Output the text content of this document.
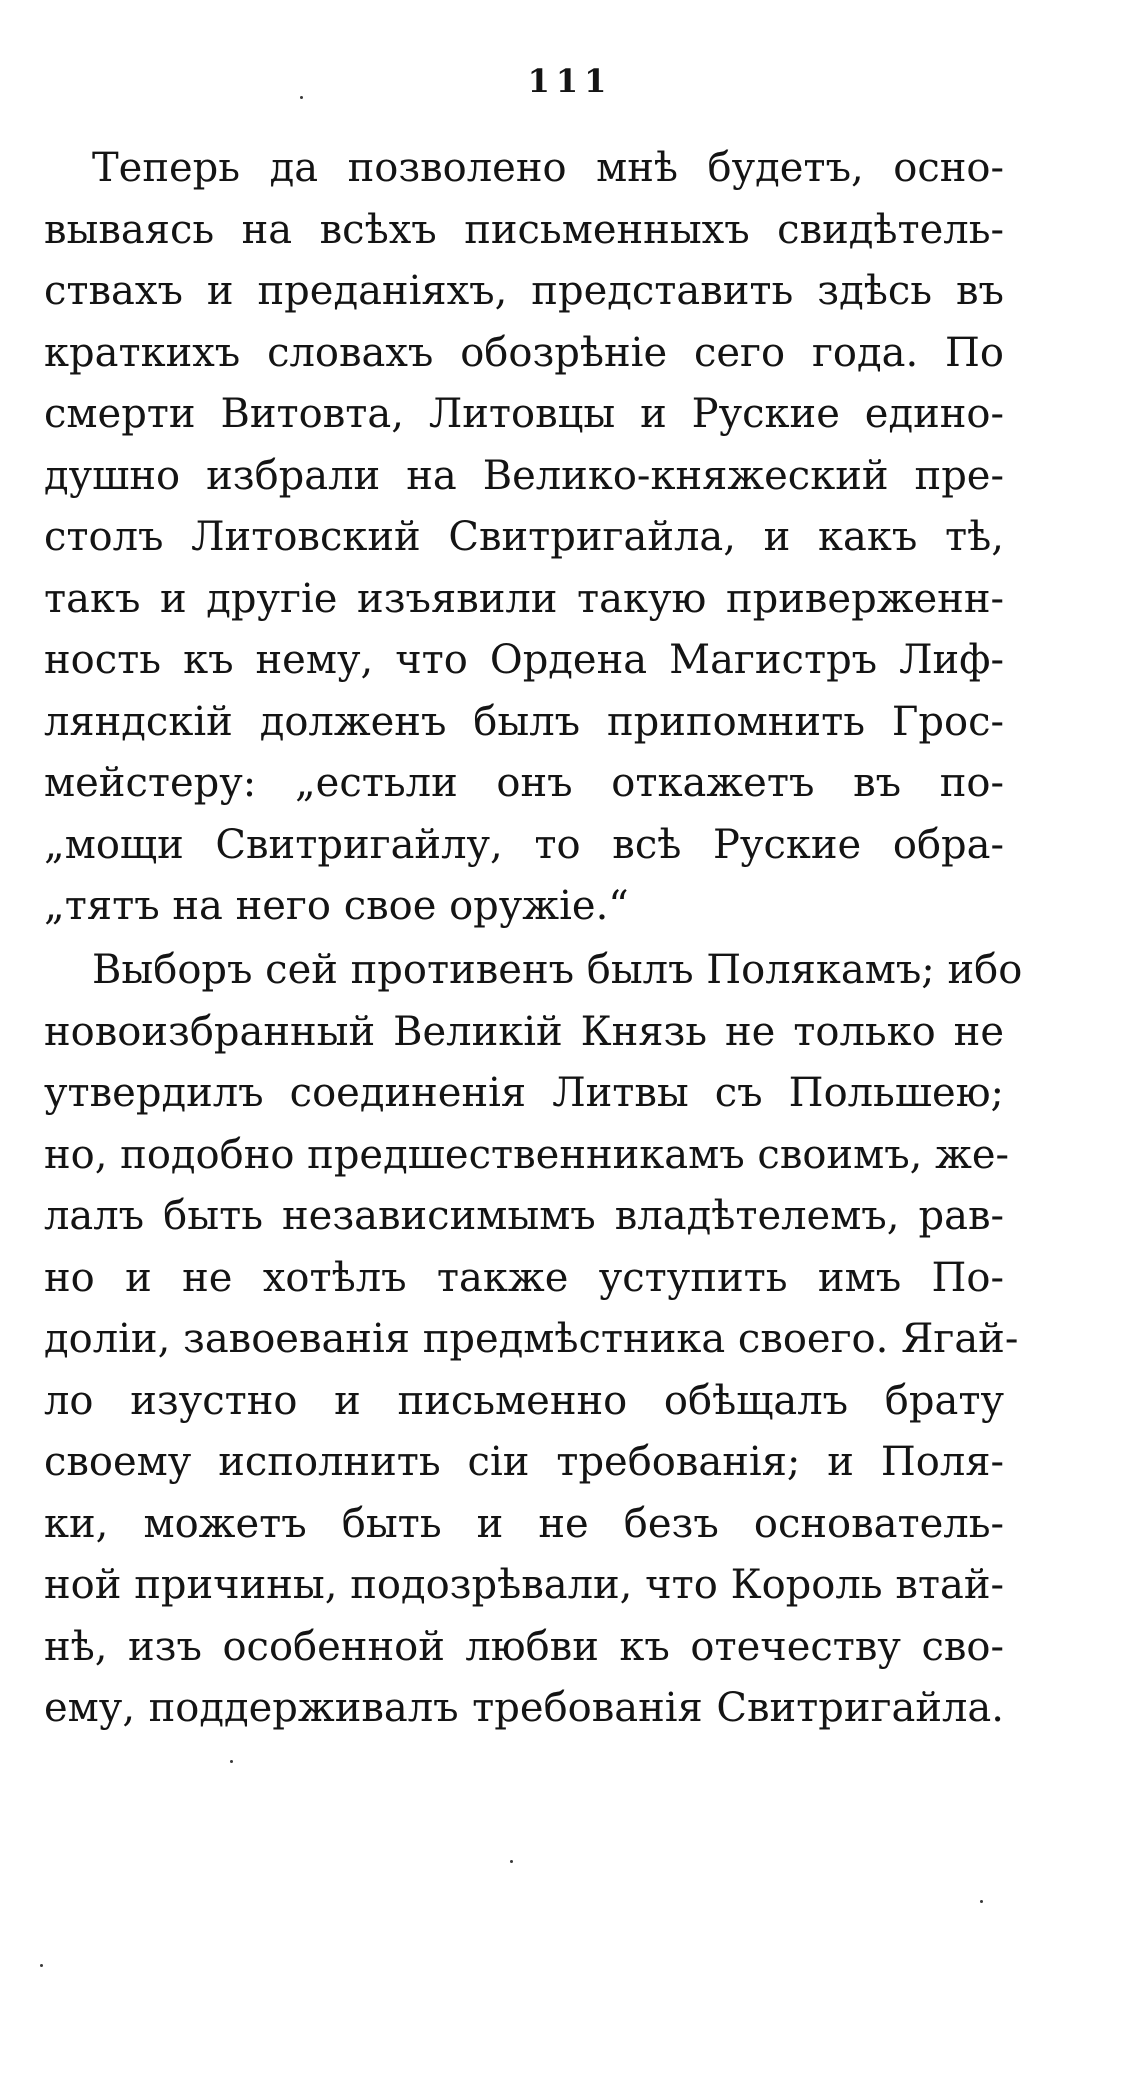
111
Теперь да позволено мнѣ будетъ, осно-
вываясь на всѣхъ письменныхъ свидѣтель-
ствахъ и преданіяхъ, представить здѣсь въ
краткихъ словахъ обозрѣніе сего года. По
смерти Витовта, Литовцы и Руские едино-
душно избрали на Велико-княжеский пре-
столъ Литовский Свитригайла, и какъ тѣ,
такъ и другіе изъявили такую приверженн-
ность къ нему, что Ордена Магистръ Лиф-
ляндскій долженъ былъ припомнить Грос-
мейстеру: „естьли онъ откажетъ въ по-
„мощи Свитригайлу, то всѣ Руские обра-
„тятъ на него свое оружіе.“
Выборъ сей противенъ былъ Полякамъ; ибо
новоизбранный Великій Князь не только не
утвердилъ соединенія Литвы съ Польшею;
но, подобно предшественникамъ своимъ, же-
лалъ быть независимымъ владѣтелемъ, рав-
но и не хотѣлъ также уступить имъ По-
доліи, завоеванія предмѣстника своего. Ягай-
ло изустно и письменно обѣщалъ брату
своему исполнить сіи требованія; и Поля-
ки, можетъ быть и не безъ основатель-
ной причины, подозрѣвали, что Король втай-
нѣ, изъ особенной любви къ отечеству сво-
ему, поддерживалъ требованія Свитригайла.
